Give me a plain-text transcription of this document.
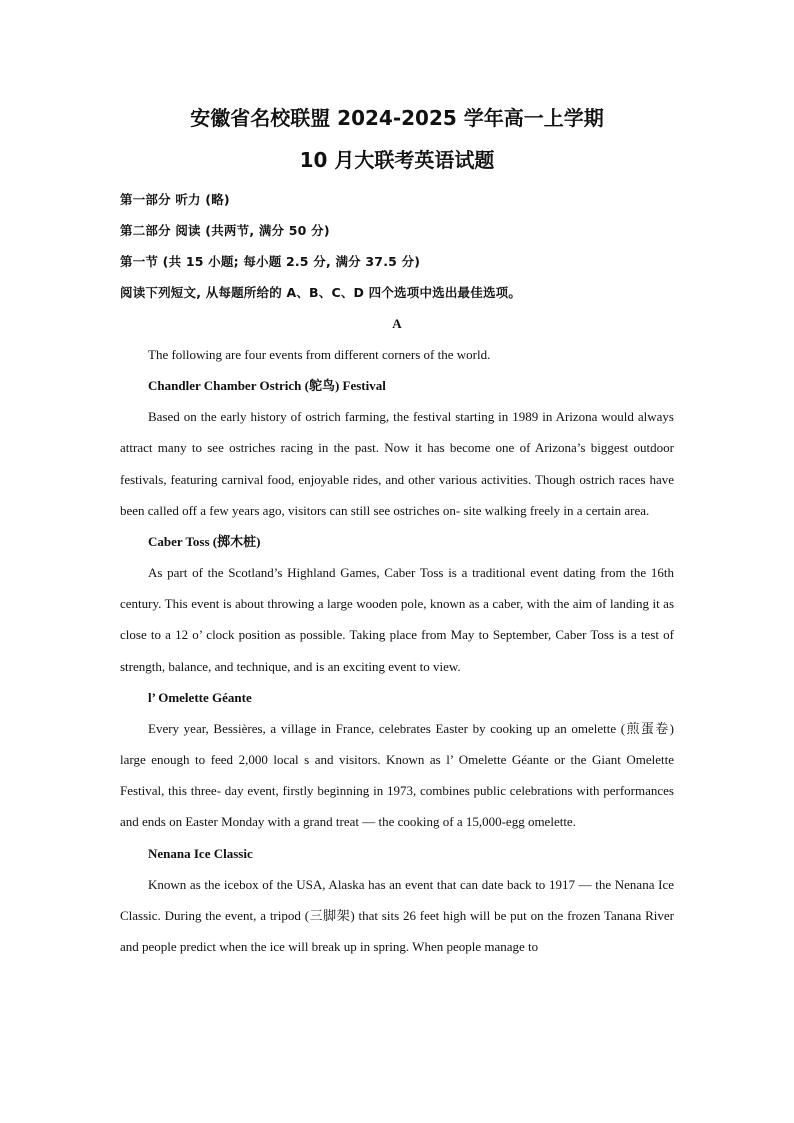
安徽省名校联盟 2024-2025 学年高一上学期
10 月大联考英语试题

第一部分 听力 (略)

第二部分 阅读 (共两节, 满分 50 分)

第一节 (共 15 小题; 每小题 2.5 分, 满分 37.5 分)

阅读下列短文, 从每题所给的 A、B、C、D 四个选项中选出最佳选项。

A

The following are four events from different corners of the world.

Chandler Chamber Ostrich (鸵鸟) Festival

Based on the early history of ostrich farming, the festival starting in 1989 in Arizona would always attract many to see ostriches racing in the past. Now it has become one of Arizona’s biggest outdoor festivals, featuring carnival food, enjoyable rides, and other various activities. Though ostrich races have been called off a few years ago, visitors can still see ostriches on- site walking freely in a certain area.

Caber Toss (掷木桩)

As part of the Scotland’s Highland Games, Caber Toss is a traditional event dating from the 16th century. This event is about throwing a large wooden pole, known as a caber, with the aim of landing it as close to a 12 o’ clock position as possible. Taking place from May to September, Caber Toss is a test of strength, balance, and technique, and is an exciting event to view.

l’ Omelette Géante

Every year, Bessières, a village in France, celebrates Easter by cooking up an omelette (煎蛋卷) large enough to feed 2,000 local s and visitors. Known as l’ Omelette Géante or the Giant Omelette Festival, this three- day event, firstly beginning in 1973, combines public celebrations with performances and ends on Easter Monday with a grand treat — the cooking of a 15,000-egg omelette.

Nenana Ice Classic

Known as the icebox of the USA, Alaska has an event that can date back to 1917 — the Nenana Ice Classic. During the event, a tripod (三脚架) that sits 26 feet high will be put on the frozen Tanana River and people predict when the ice will break up in spring. When people manage to
